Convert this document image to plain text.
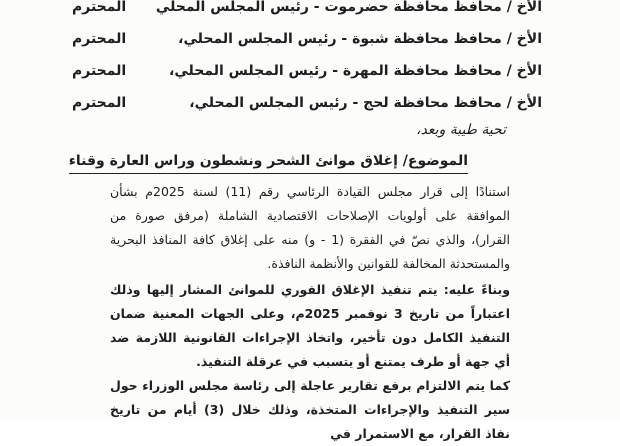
الأخ / محافظ محافظة حضرموت - رئيس المجلس المحلي
المحترم
الأخ / محافظ محافظة شبوة - رئيس المجلس المحلي،
المحترم
الأخ / محافظ محافظة المهرة - رئيس المجلس المحلي،
المحترم
الأخ / محافظ محافظة لحج - رئيس المجلس المحلي،
المحترم
تحية طيبة وبعد،
الموضوع/ إغلاق موانئ الشحر ونشطون وراس العارة وقناء
استنادًا إلى قرار مجلس القيادة الرئاسي رقم (11) لسنة 2025م بشأن الموافقة على أولويات الإصلاحات الاقتصادية الشاملة (مرفق صورة من القرار)، والذي نصّ في الفقرة (1 - و) منه على إغلاق كافة المنافذ البحرية والمستحدثة المخالفة للقوانين والأنظمة النافذة.
وبناءً عليه: يتم تنفيذ الإغلاق الفوري للموانئ المشار إليها وذلك اعتباراً من تاريخ 3 نوفمبر 2025م، وعلى الجهات المعنية ضمان التنفيذ الكامل دون تأخير، واتخاذ الإجراءات القانونية اللازمة ضد أي جهة أو طرف يمتنع أو يتسبب في عرقلة التنفيذ.
كما يتم الالتزام برفع تقارير عاجلة إلى رئاسة مجلس الوزراء حول سير التنفيذ والإجراءات المتخذة، وذلك خلال (3) أيام من تاريخ نفاذ القرار، مع الاستمرار في
